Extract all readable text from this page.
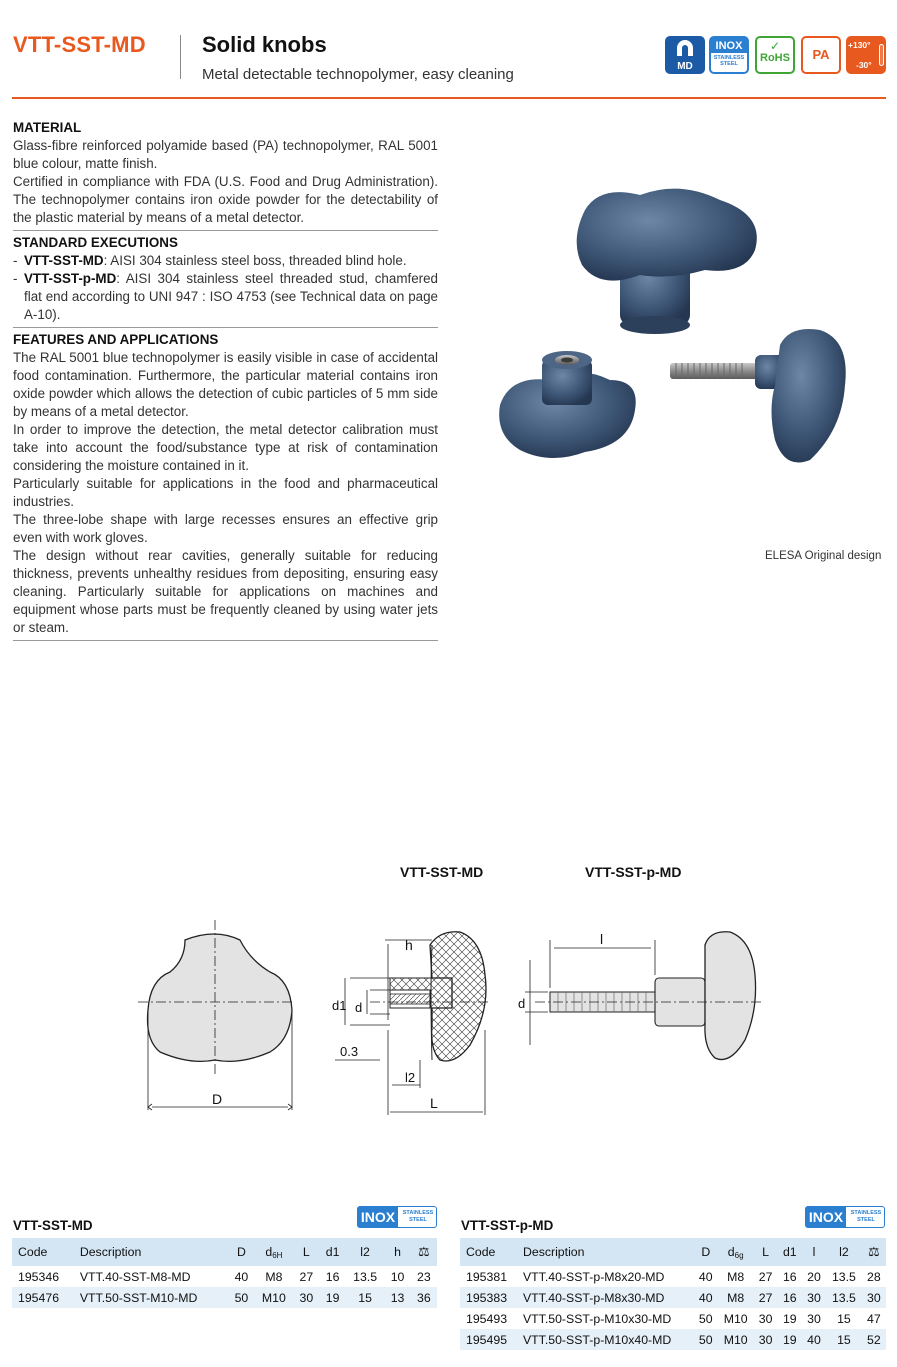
VTT-SST-MD	Solid knobs
Metal detectable technopolymer, easy cleaning	MD
INOX
STAINLESS STEEL
✓
RoHS	PA
+130°
-30°
MATERIAL
Glass-fibre reinforced polyamide based (PA) technopolymer, RAL 5001 blue colour, matte finish.
Certified in compliance with FDA (U.S. Food and Drug Administration). The technopolymer contains iron oxide powder for the detectability of the plastic material by means of a metal detector.
STANDARD EXECUTIONS
- VTT-SST-MD: AISI 304 stainless steel boss, threaded blind hole.
- VTT-SST-p-MD: AISI 304 stainless steel threaded stud, chamfered flat end according to UNI 947 : ISO 4753 (see Technical data on page A-10).
FEATURES AND APPLICATIONS
The RAL 5001 blue technopolymer is easily visible in case of accidental food contamination. Furthermore, the particular material contains iron oxide powder which allows the detection of cubic particles of 5 mm side by means of a metal detector.
In order to improve the detection, the metal detector calibration must take into account the food/substance type at risk of contamination considering the moisture contained in it.
Particularly suitable for applications in the food and pharmaceutical industries.
The three-lobe shape with large recesses ensures an effective grip even with work gloves.
The design without rear cavities, generally suitable for reducing thickness, prevents unhealthy residues from depositing, ensuring easy cleaning. Particularly suitable for applications on machines and equipment whose parts must be frequently cleaned by using water jets or steam.
ELESA Original design
VTT-SST-MD	VTT-SST-p-MD
D
h
d1 d
0.3
l2
L
l
d
VTT-SST-MD
INOX	STAINLESS STEEL
Code	Description	D	$d_{6H}$	L	d1	l2	h	⚖
195346	VTT.40-SST-M8-MD	40	M8	27	16	13.5	10	23
195476	VTT.50-SST-M10-MD	50	M10	30	19	15	13	36
VTT-SST-p-MD
INOX	STAINLESS STEEL
Code	Description	D	$d_{6g}$	L	d1	l	l2	⚖
195381	VTT.40-SST-p-M8x20-MD	40	M8	27	16	20	13.5	28
195383	VTT.40-SST-p-M8x30-MD	40	M8	27	16	30	13.5	30
195493	VTT.50-SST-p-M10x30-MD	50	M10	30	19	30	15	47
195495	VTT.50-SST-p-M10x40-MD	50	M10	30	19	40	15	52
